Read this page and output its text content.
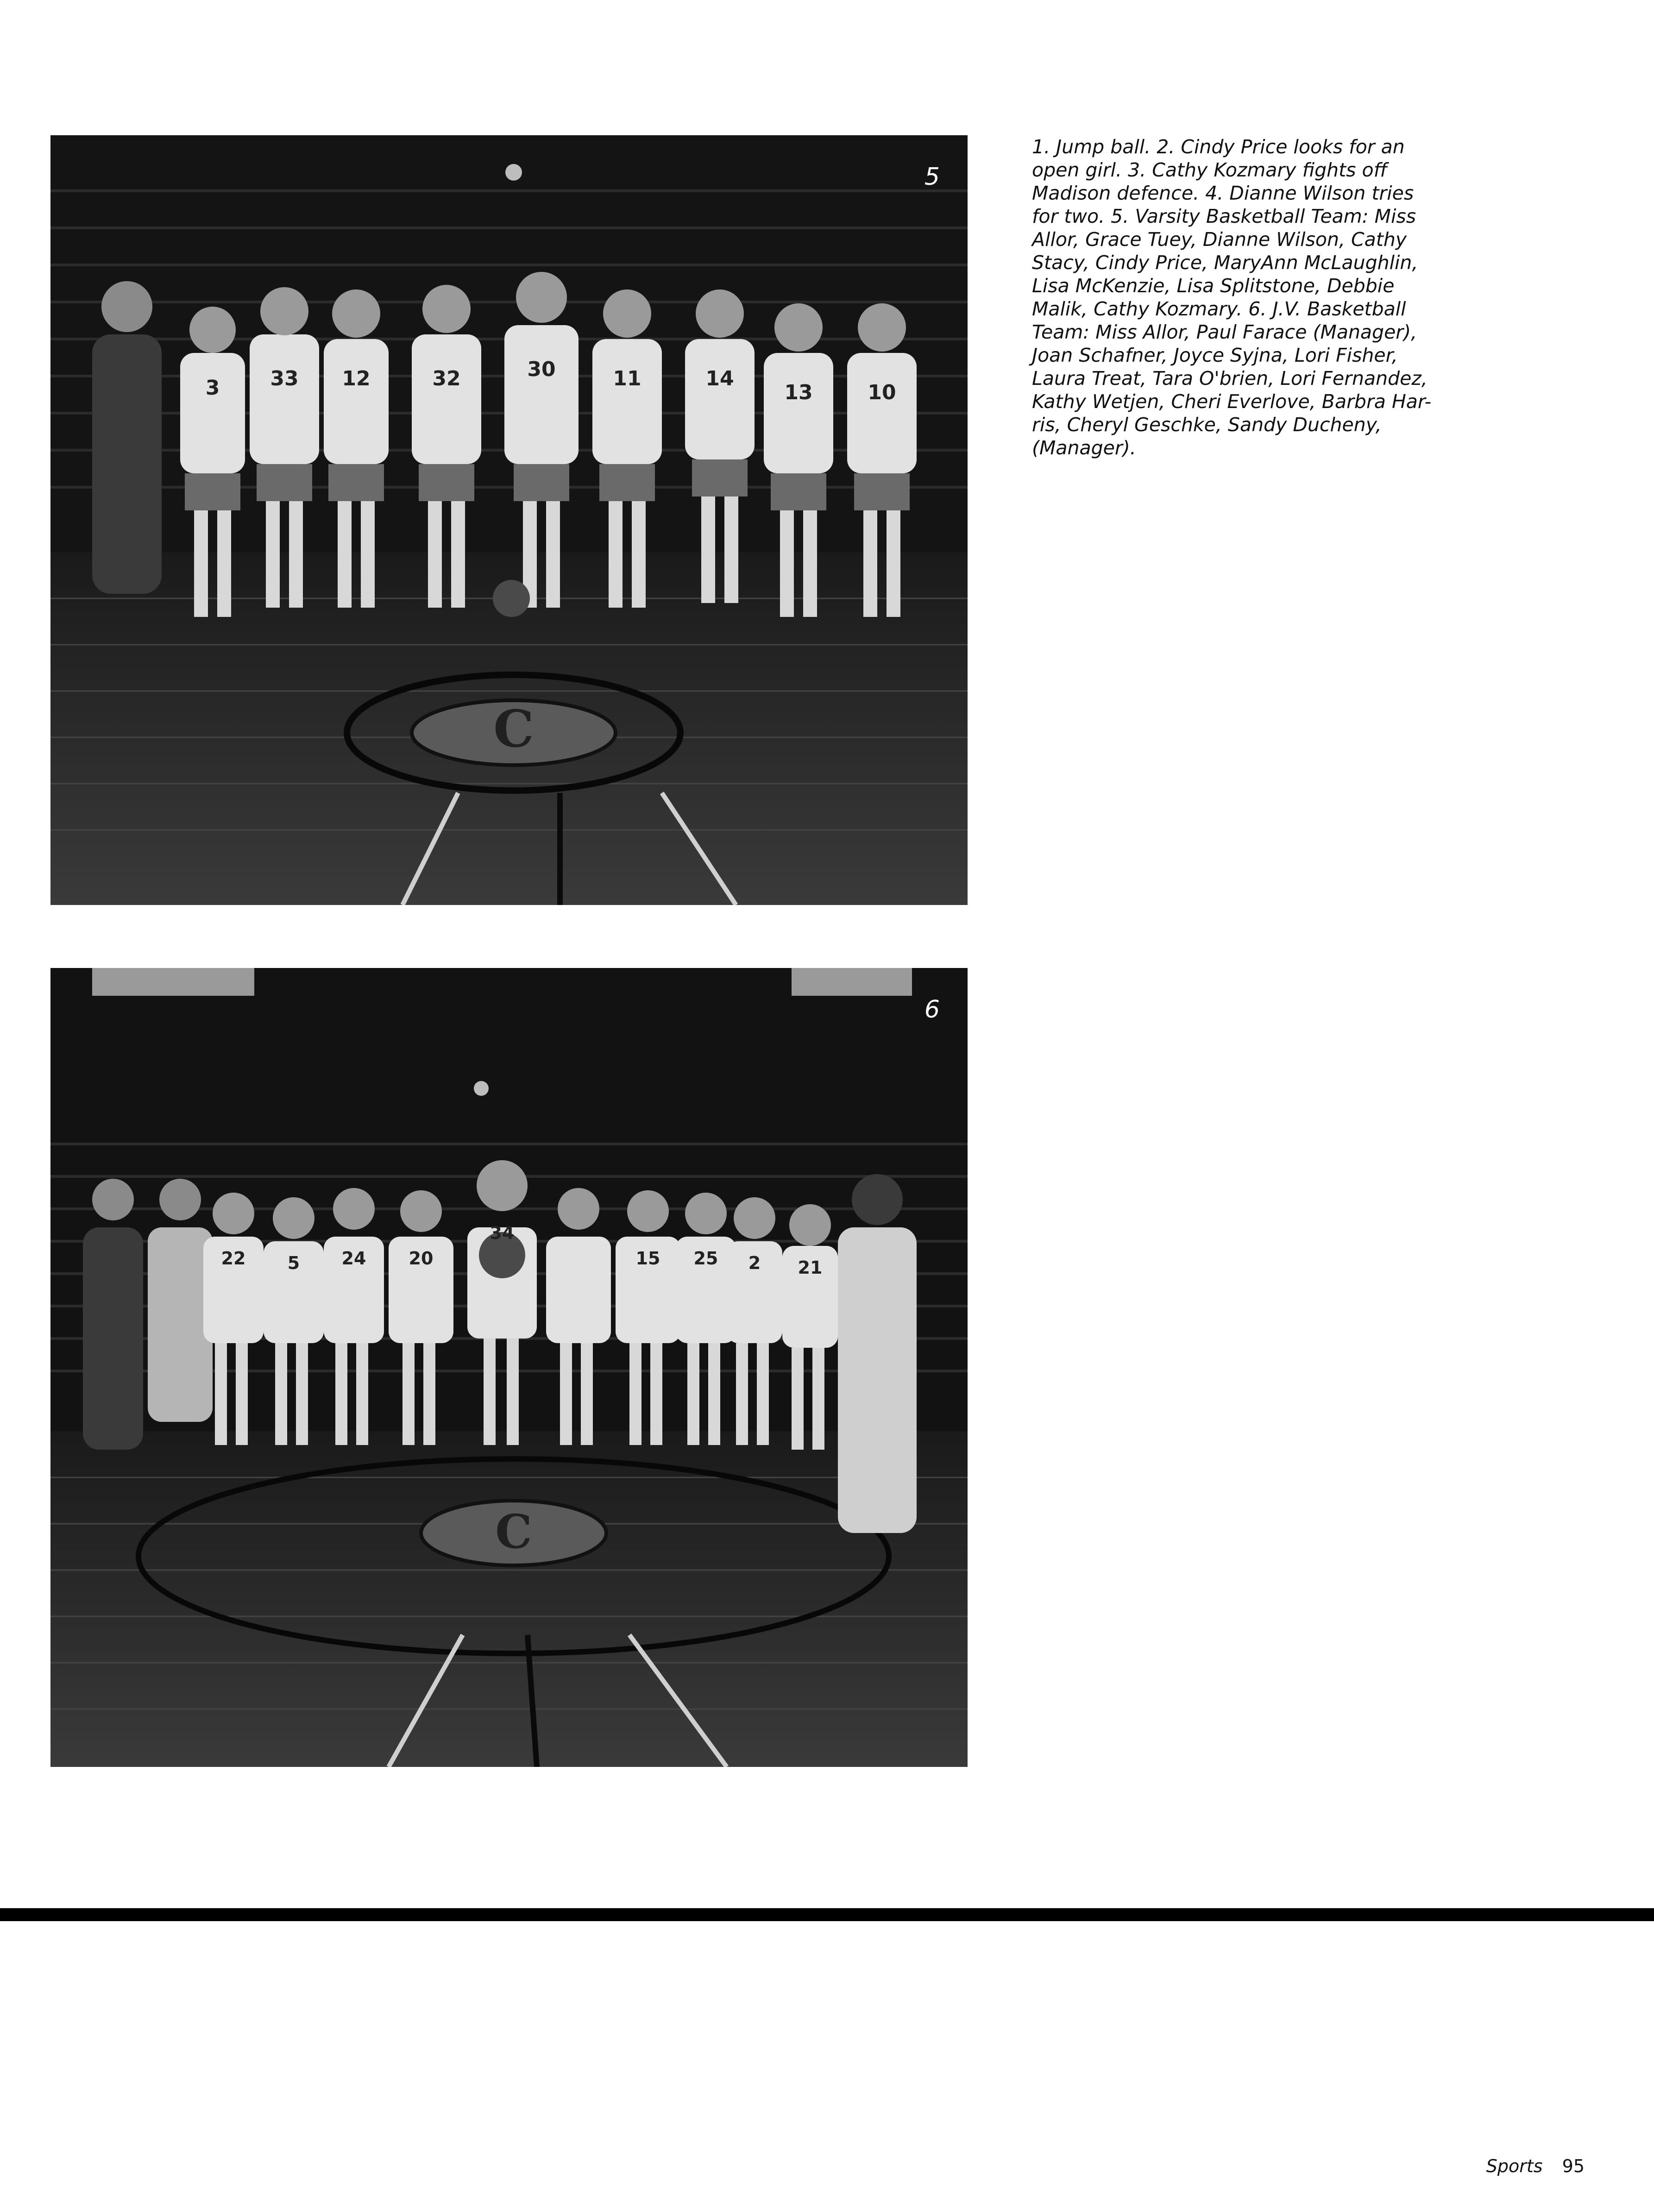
C
3 33 12	32	30	11	14
13	10
5
C
22 5 24 20
34
15 25 2 21
6

1. Jump ball. 2. Cindy Price looks for an
open girl. 3. Cathy Kozmary fights off
Madison defence. 4. Dianne Wilson tries
for two. 5. Varsity Basketball Team: Miss
Allor, Grace Tuey, Dianne Wilson, Cathy
Stacy, Cindy Price, MaryAnn McLaughlin,
Lisa McKenzie, Lisa Splitstone, Debbie
Malik, Cathy Kozmary. 6. J.V. Basketball
Team: Miss Allor, Paul Farace (Manager),
Joan Schafner, Joyce Syjna, Lori Fisher,
Laura Treat, Tara O'brien, Lori Fernandez,
Kathy Wetjen, Cheri Everlove, Barbra Har-
ris, Cheryl Geschke, Sandy Ducheny,
(Manager).

Sports 95
